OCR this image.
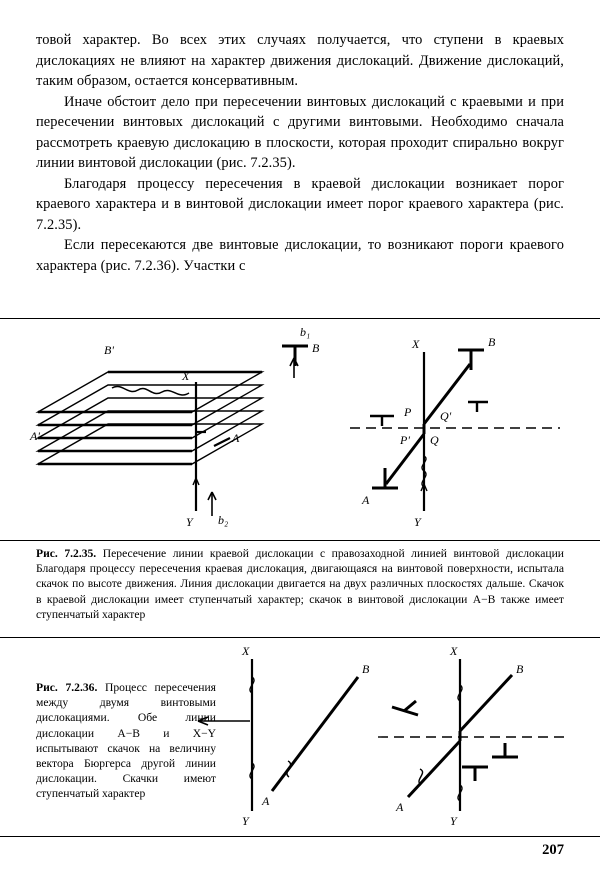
товой характер. Во всех этих случаях получается, что ступени в краевых дислокациях не влияют на характер движения дислокаций. Движение дислокаций, таким образом, остается консервативным.

Иначе обстоит дело при пересечении винтовых дислокаций с краевыми и при пересечении винтовых дислокаций с другими винтовыми. Необходимо сначала рассмотреть краевую дислокацию в плоскости, которая проходит спирально вокруг линии винтовой дислокации (рис. 7.2.35).

Благодаря процессу пересечения в краевой дислокации возникает порог краевого характера и в винтовой дислокации имеет порог краевого характера (рис. 7.2.35).

Если пересекаются две винтовые дислокации, то возникают пороги краевого характера (рис. 7.2.36). Участки с

B'	B
b₁
X
A
A'
Y b₂
X	B
P Q'
P' Q
A
Y
Рис. 7.2.35. Пересечение линии краевой дислокации с правозаходной линией винтовой дислокации Благодаря процессу пересечения краевая дислокация, двигающаяся на винтовой поверхности, испытала скачок по высоте движения. Линия дислокации двигается на двух различных плоскостях дальше. Скачок в краевой дислокации имеет ступенчатый характер; скачок в винтовой дислокации A−B также имеет ступенчатый характер
X
B
A
Y
X
B
A
Y
Рис. 7.2.36. Процесс пересечения между двумя винтовыми дислокациями. Обе линии дислокации A−B и X−Y испытывают скачок на величину вектора Бюргерса другой линии дислокации. Скачки имеют ступенчатый характер
207
